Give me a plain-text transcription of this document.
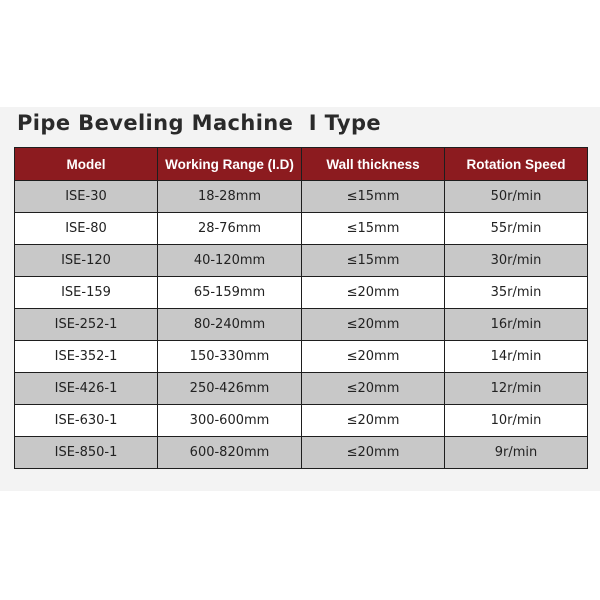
Pipe Beveling Machine  I Type
Model	Working Range (I.D)	Wall thickness	Rotation Speed
ISE-30	18-28mm	≤15mm	50r/min
ISE-80	28-76mm	≤15mm	55r/min
ISE-120	40-120mm	≤15mm	30r/min
ISE-159	65-159mm	≤20mm	35r/min
ISE-252-1	80-240mm	≤20mm	16r/min
ISE-352-1	150-330mm	≤20mm	14r/min
ISE-426-1	250-426mm	≤20mm	12r/min
ISE-630-1	300-600mm	≤20mm	10r/min
ISE-850-1	600-820mm	≤20mm	9r/min
